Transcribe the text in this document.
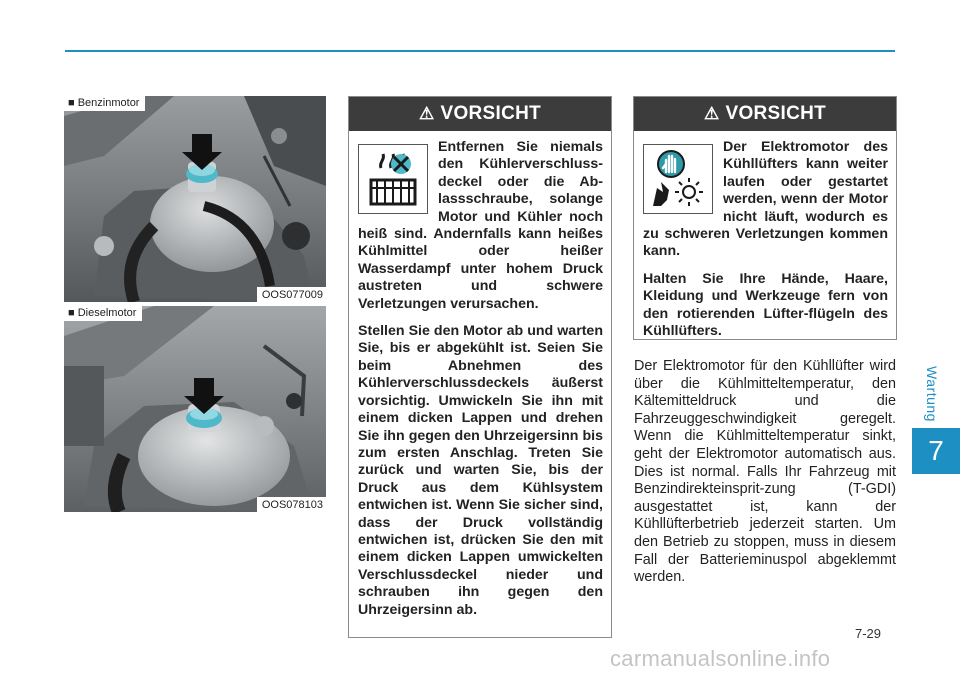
Wartung
7
■ Benzinmotor
OOS077009
■ Dieselmotor
OOS078103
⚠ VORSICHT

Entfernen Sie niemals den Kühlerverschluss-deckel oder die Ab-lassschraube, solange Motor und Kühler noch heiß sind. Andernfalls kann heißes Kühlmittel oder heißer Wasserdampf unter hohem Druck austreten und schwere Verletzungen verursachen.

Stellen Sie den Motor ab und warten Sie, bis er abgekühlt ist. Seien Sie beim Abnehmen des Kühlerverschlussdeckels äußerst vorsichtig. Umwickeln Sie ihn mit einem dicken Lappen und drehen Sie ihn gegen den Uhrzeigersinn bis zum ersten Anschlag. Treten Sie zurück und warten Sie, bis der Druck aus dem Kühlsystem entwichen ist. Wenn Sie sicher sind, dass der Druck vollständig entwichen ist, drücken Sie den mit einem dicken Lappen umwickelten Verschlussdeckel nieder und schrauben ihn gegen den Uhrzeigersinn ab.

⚠ VORSICHT

Der Elektromotor des Kühllüfters kann weiter laufen oder gestartet werden, wenn der Motor nicht läuft, wodurch es zu schweren Verletzungen kommen kann.

Halten Sie Ihre Hände, Haare, Kleidung und Werkzeuge fern von den rotierenden Lüfter-flügeln des Kühllüfters.

Der Elektromotor für den Kühllüfter wird über die Kühlmitteltemperatur, den Kältemitteldruck und die Fahrzeuggeschwindigkeit geregelt. Wenn die Kühlmitteltemperatur sinkt, geht der Elektromotor automatisch aus. Dies ist normal. Falls Ihr Fahrzeug mit Benzindirekteinsprit-zung (T-GDI) ausgestattet ist, kann der Kühllüfterbetrieb jederzeit starten. Um den Betrieb zu stoppen, muss in diesem Fall der Batterieminuspol abgeklemmt werden.
7-29
carmanualsonline.info
